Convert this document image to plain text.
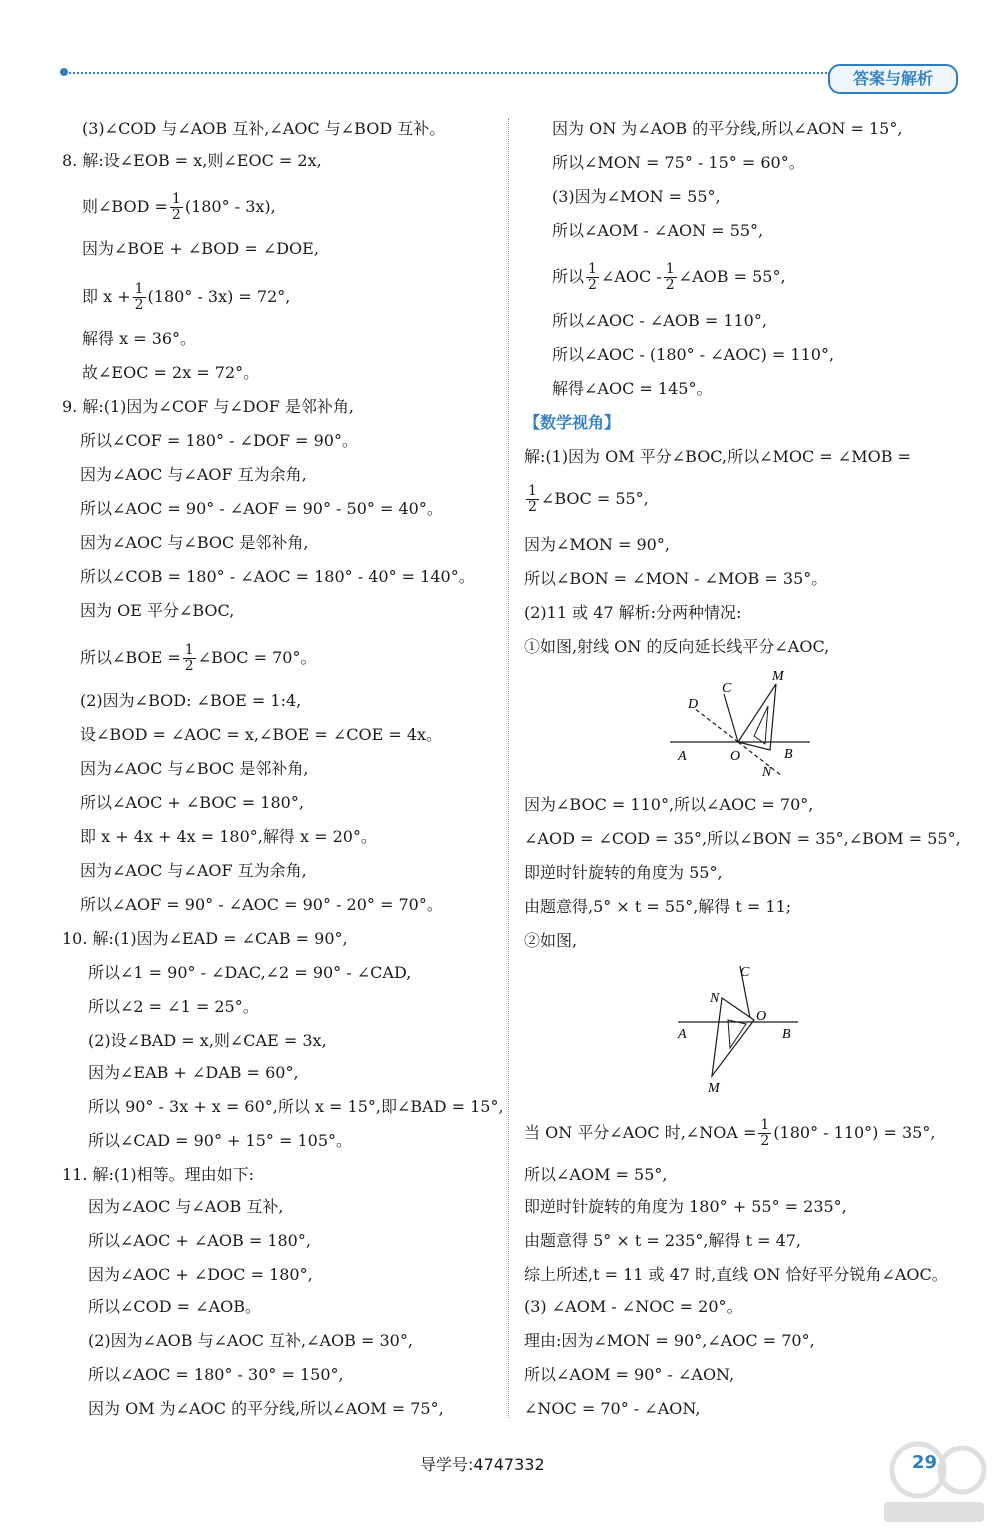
答案与解析
(3)∠COD 与∠AOB 互补,∠AOC 与∠BOD 互补。
8. 解:设∠EOB = x,则∠EOC = 2x,
则∠BOD = $\frac{1}{2} (180^\circ - 3x)$,
因为∠BOE + ∠BOD = ∠DOE,
即 $x + \frac{1}{2} (180^\circ - 3x) = 72^\circ$,
解得 x = 36°。
故∠EOC = 2x = 72°。
9. 解:(1)因为∠COF 与∠DOF 是邻补角,
所以∠COF = 180° - ∠DOF = 90°。
因为∠AOC 与∠AOF 互为余角,
所以∠AOC = 90° - ∠AOF = 90° - 50° = 40°。
因为∠AOC 与∠BOC 是邻补角,
所以∠COB = 180° - ∠AOC = 180° - 40° = 140°。
因为 OE 平分∠BOC,
所以∠BOE = $\frac{1}{2}$ ∠BOC = 70°。
(2)因为∠BOD: ∠BOE = 1:4,
设∠BOD = ∠AOC = x,∠BOE = ∠COE = 4x。
因为∠AOC 与∠BOC 是邻补角,
所以∠AOC + ∠BOC = 180°,
即 x + 4x + 4x = 180°,解得 x = 20°。
因为∠AOC 与∠AOF 互为余角,
所以∠AOF = 90° - ∠AOC = 90° - 20° = 70°。
10. 解:(1)因为∠EAD = ∠CAB = 90°,
所以∠1 = 90° - ∠DAC,∠2 = 90° - ∠CAD,
所以∠2 = ∠1 = 25°。
(2)设∠BAD = x,则∠CAE = 3x,
因为∠EAB + ∠DAB = 60°,
所以 90° - 3x + x = 60°,所以 x = 15°,即∠BAD = 15°,
所以∠CAD = 90° + 15° = 105°。
11. 解:(1)相等。理由如下:
因为∠AOC 与∠AOB 互补,
所以∠AOC + ∠AOB = 180°,
因为∠AOC + ∠DOC = 180°,
所以∠COD = ∠AOB。
(2)因为∠AOB 与∠AOC 互补,∠AOB = 30°,
所以∠AOC = 180° - 30° = 150°,
因为 OM 为∠AOC 的平分线,所以∠AOM = 75°,
因为 ON 为∠AOB 的平分线,所以∠AON = 15°,
所以∠MON = 75° - 15° = 60°。
(3)因为∠MON = 55°,
所以∠AOM - ∠AON = 55°,
所以 $\frac{1}{2}$ ∠AOC - $\frac{1}{2}$ ∠AOB = 55°,
所以∠AOC - ∠AOB = 110°,
所以∠AOC - (180° - ∠AOC) = 110°,
解得∠AOC = 145°。
【数学视角】
解:(1)因为 OM 平分∠BOC,所以∠MOC = ∠MOB =
$\frac{1}{2}$ ∠BOC = 55°,
因为∠MON = 90°,
所以∠BON = ∠MON - ∠MOB = 35°。
(2)11 或 47 解析:分两种情况:
①如图,射线 ON 的反向延长线平分∠AOC,
A	O	B
C
D
M
N
因为∠BOC = 110°,所以∠AOC = 70°,
∠AOD = ∠COD = 35°,所以∠BON = 35°,∠BOM = 55°,
即逆时针旋转的角度为 55°,
由题意得,5° × t = 55°,解得 t = 11;
②如图,
A
O
B
C
N
M
当 ON 平分∠AOC 时,∠NOA = $\frac{1}{2} (180^\circ - 110^\circ) = 35^\circ$,
所以∠AOM = 55°,
即逆时针旋转的角度为 180° + 55° = 235°,
由题意得 5° × t = 235°,解得 t = 47,
综上所述,t = 11 或 47 时,直线 ON 恰好平分锐角∠AOC。
(3) ∠AOM - ∠NOC = 20°。
理由:因为∠MON = 90°,∠AOC = 70°,
所以∠AOM = 90° - ∠AON,
∠NOC = 70° - ∠AON,
导学号:4747332	29
